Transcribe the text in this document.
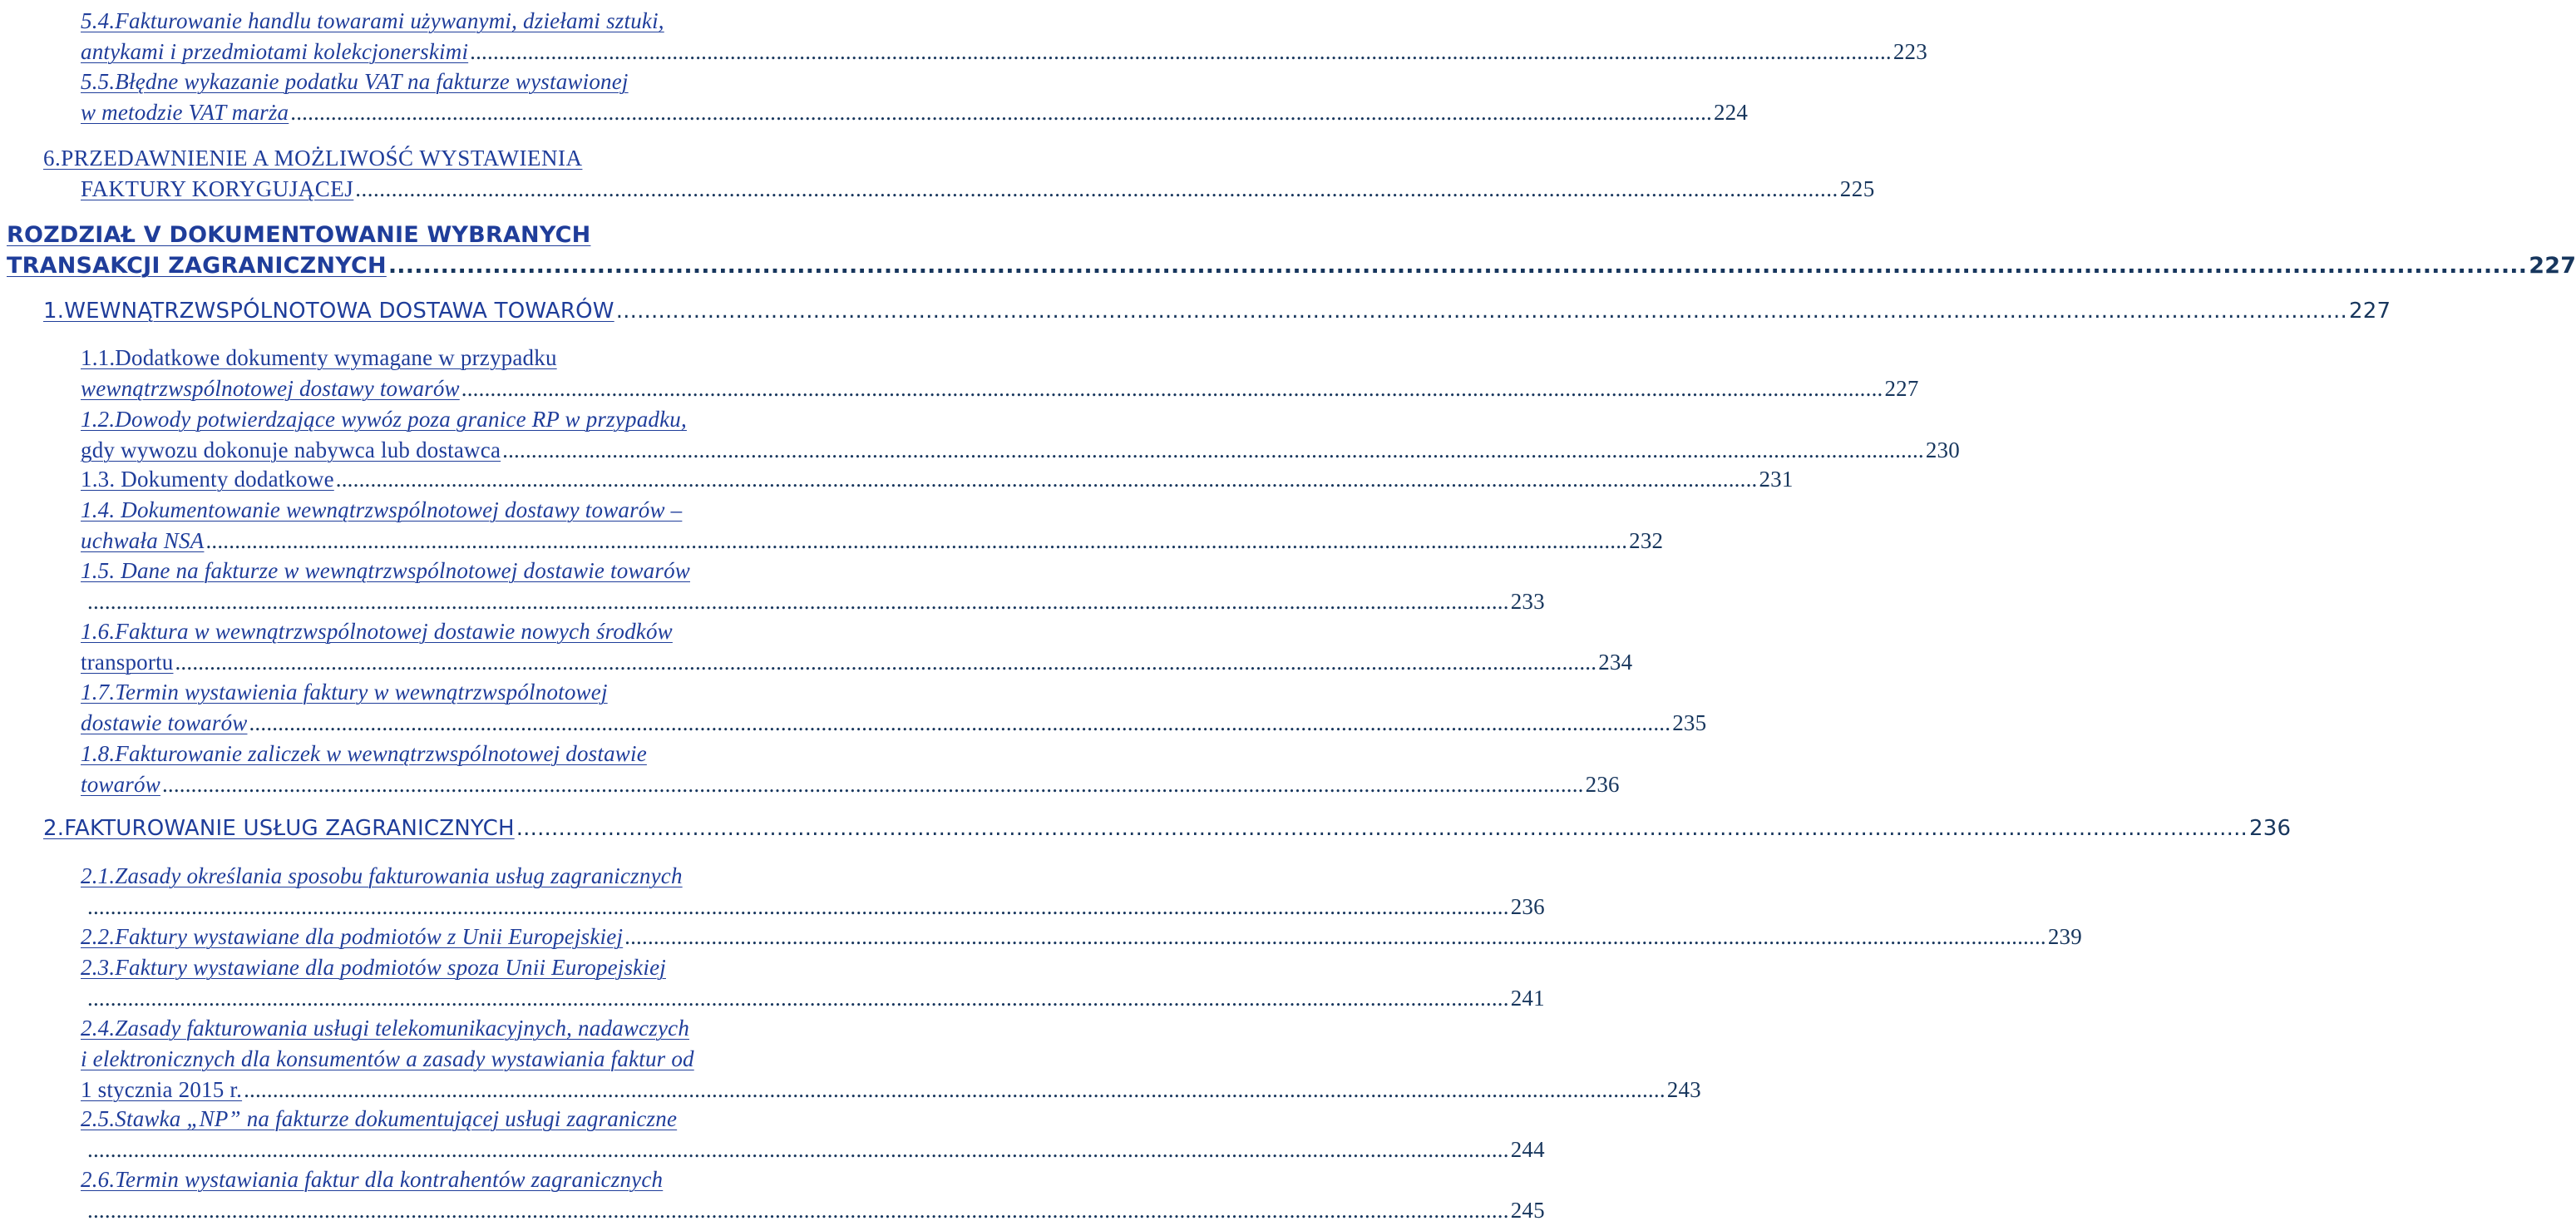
5.4.Fakturowanie handlu towarami używanymi, dziełami sztuki,
antykami i przedmiotami kolekcjonerskimi .....	223
5.5.Błędne wykazanie podatku VAT na fakturze wystawionej
w metodzie VAT marża .....	224
6.PRZEDAWNIENIE A MOŻLIWOŚĆ WYSTAWIENIA
FAKTURY KORYGUJĄCEJ .....	225
ROZDZIAŁ V DOKUMENTOWANIE WYBRANYCH
TRANSAKCJI ZAGRANICZNYCH .....	227
1.WEWNĄTRZWSPÓLNOTOWA DOSTAWA TOWARÓW .....	227
1.1.Dodatkowe dokumenty wymagane w przypadku
wewnątrzwspólnotowej dostawy towarów .....	227
1.2.Dowody potwierdzające wywóz poza granice RP w przypadku,
gdy wywozu dokonuje nabywca lub dostawca .....	230
1.3. Dokumenty dodatkowe .....	231
1.4. Dokumentowanie wewnątrzwspólnotowej dostawy towarów –
uchwała NSA .....	232
1.5. Dane na fakturze w wewnątrzwspólnotowej dostawie towarów
.....233
1.6.Faktura w wewnątrzwspólnotowej dostawie nowych środków
transportu .....	234
1.7.Termin wystawienia faktury w wewnątrzwspólnotowej
dostawie towarów .....	235
1.8.Fakturowanie zaliczek w wewnątrzwspólnotowej dostawie
towarów .....	236
2.FAKTUROWANIE USŁUG ZAGRANICZNYCH .....	236
2.1.Zasady określania sposobu fakturowania usług zagranicznych
.....236
2.2.Faktury wystawiane dla podmiotów z Unii Europejskiej .....	239
2.3.Faktury wystawiane dla podmiotów spoza Unii Europejskiej
.....241
2.4.Zasady fakturowania usługi telekomunikacyjnych, nadawczych
i elektronicznych dla konsumentów a zasady wystawiania faktur od
1 stycznia 2015 r. .....	243
2.5.Stawka „NP” na fakturze dokumentującej usługi zagraniczne
.....244
2.6.Termin wystawiania faktur dla kontrahentów zagranicznych
.....245
